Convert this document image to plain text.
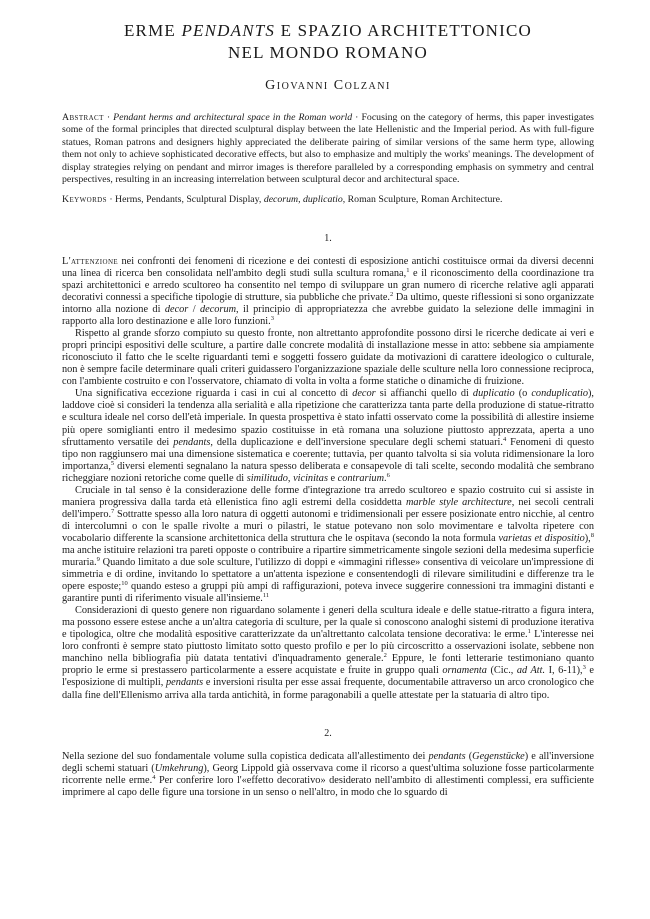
ERME PENDANTS E SPAZIO ARCHITETTONICO
NEL MONDO ROMANO
Giovanni Colzani

Abstract · Pendant herms and architectural space in the Roman world · Focusing on the category of herms, this paper investigates some of the formal principles that directed sculptural display between the late Hellenistic and the Imperial period. As with full-figure statues, Roman patrons and designers highly appreciated the deliberate pairing of similar versions of the same herm type, allowing them not only to achieve sophisticated decorative effects, but also to emphasize and multiply the works' meanings. The development of display strategies relying on pendant and mirror images is therefore paralleled by a corresponding emphasis on symmetry and central perspectives, resulting in an increasing interrelation between sculptural decor and architectural space.

Keywords · Herms, Pendants, Sculptural Display, decorum, duplicatio, Roman Sculpture, Roman Architecture.

1.

L'attenzione nei confronti dei fenomeni di ricezione e dei contesti di esposizione antichi costituisce ormai da diversi decenni una linea di ricerca ben consolidata nell'ambito degli studi sulla scultura romana,$^1$ e il riconoscimento della coordinazione tra spazi architettonici e arredo scultoreo ha consentito nel tempo di sviluppare un gran numero di ricerche relative agli apparati decorativi connessi a specifiche tipologie di strutture, sia pubbliche che private.$^2$ Da ultimo, queste riflessioni si sono organizzate intorno alla nozione di decor / decorum, il principio di appropriatezza che avrebbe guidato la selezione delle immagini in rapporto alla loro destinazione e alle loro funzioni.$^3$

Rispetto al grande sforzo compiuto su questo fronte, non altrettanto approfondite possono dirsi le ricerche dedicate ai veri e propri principi espositivi delle sculture, a partire dalle concrete modalità di installazione messe in atto: sebbene sia ampiamente riconosciuto il fatto che le scelte riguardanti temi e soggetti fossero guidate da motivazioni di carattere ideologico o culturale, non è sempre facile determinare quali criteri guidassero l'organizzazione spaziale delle sculture nella loro connessione reciproca, con l'ambiente costruito e con l'osservatore, chiamato di volta in volta a forme statiche o dinamiche di fruizione.

Una significativa eccezione riguarda i casi in cui al concetto di decor si affianchi quello di duplicatio (o conduplicatio), laddove cioè si consideri la tendenza alla serialità e alla ripetizione che caratterizza tanta parte della produzione di statue-ritratto e scultura ideale nel corso dell'età imperiale. In questa prospettiva è stato infatti osservato come la possibilità di allestire insieme più opere somiglianti entro il medesimo spazio costituisse in età romana una soluzione piuttosto apprezzata, aperta a uno sfruttamento versatile dei pendants, della duplicazione e dell'inversione speculare degli schemi statuari.$^4$ Fenomeni di questo tipo non raggiunsero mai una dimensione sistematica e coerente; tuttavia, per quanto talvolta si sia voluta ridimensionare la loro importanza,$^5$ diversi elementi segnalano la natura spesso deliberata e consapevole di tali scelte, secondo modalità che sembrano richeggiare nozioni retoriche come quelle di similitudo, vicinitas e contrarium.$^6$

Cruciale in tal senso è la considerazione delle forme d'integrazione tra arredo scultoreo e spazio costruito cui si assiste in maniera progressiva dalla tarda età ellenistica fino agli estremi della cosiddetta marble style architecture, nei secoli centrali dell'impero.$^7$ Sottratte spesso alla loro natura di oggetti autonomi e tridimensionali per essere posizionate entro nicchie, al centro di intercolumni o con le spalle rivolte a muri o pilastri, le statue potevano non solo movimentare e talvolta ripetere con vocabolario differente la scansione architettonica della struttura che le ospitava (secondo la nota formula varietas et dispositio),$^8$ ma anche istituire relazioni tra pareti opposte o contribuire a ripartire simmetricamente singole sezioni della medesima superficie muraria.$^9$ Quando limitato a due sole sculture, l'utilizzo di doppi e «immagini riflesse» consentiva di veicolare un'impressione di simmetria e di ordine, invitando lo spettatore a un'attenta ispezione e consentendogli di rilevare similitudini e differenze tra le opere esposte;$^{10}$ quando esteso a gruppi più ampi di raffigurazioni, poteva invece suggerire connessioni tra immagini distanti e garantire punti di riferimento visuale all'insieme.$^{11}$

Considerazioni di questo genere non riguardano solamente i generi della scultura ideale e delle statue-ritratto a figura intera, ma possono essere estese anche a un'altra categoria di sculture, per la quale si conoscono analoghi sistemi di produzione iterativa e tipologica, oltre che modalità espositive caratterizzate da un'altrettanto calcolata tensione decorativa: le erme.$^1$ L'interesse nei loro confronti è sempre stato piuttosto limitato sotto questo profilo e per lo più circoscritto a osservazioni isolate, sebbene non manchino nella bibliografia più datata tentativi d'inquadramento generale.$^2$ Eppure, le fonti letterarie testimoniano quanto proprio le erme si prestassero particolarmente a essere acquistate e fruite in gruppo quali ornamenta (Cic., ad Att. I, 6-11),$^3$ e l'esposizione di multipli, pendants e inversioni risulta per esse assai frequente, documentabile attraverso un arco cronologico che dalla fine dell'Ellenismo arriva alla tarda antichità, in forme paragonabili a quelle attestate per la statuaria di altro tipo.

2.

Nella sezione del suo fondamentale volume sulla copistica dedicata all'allestimento dei pendants (Gegenstücke) e all'inversione degli schemi statuari (Umkehrung), Georg Lippold già osservava come il ricorso a quest'ultima soluzione fosse particolarmente ricorrente nelle erme.$^4$ Per conferire loro l'«effetto decorativo» desiderato nell'ambito di allestimenti complessi, era sufficiente imprimere al capo delle figure una torsione in un senso o nell'altro, in modo che lo sguardo di
